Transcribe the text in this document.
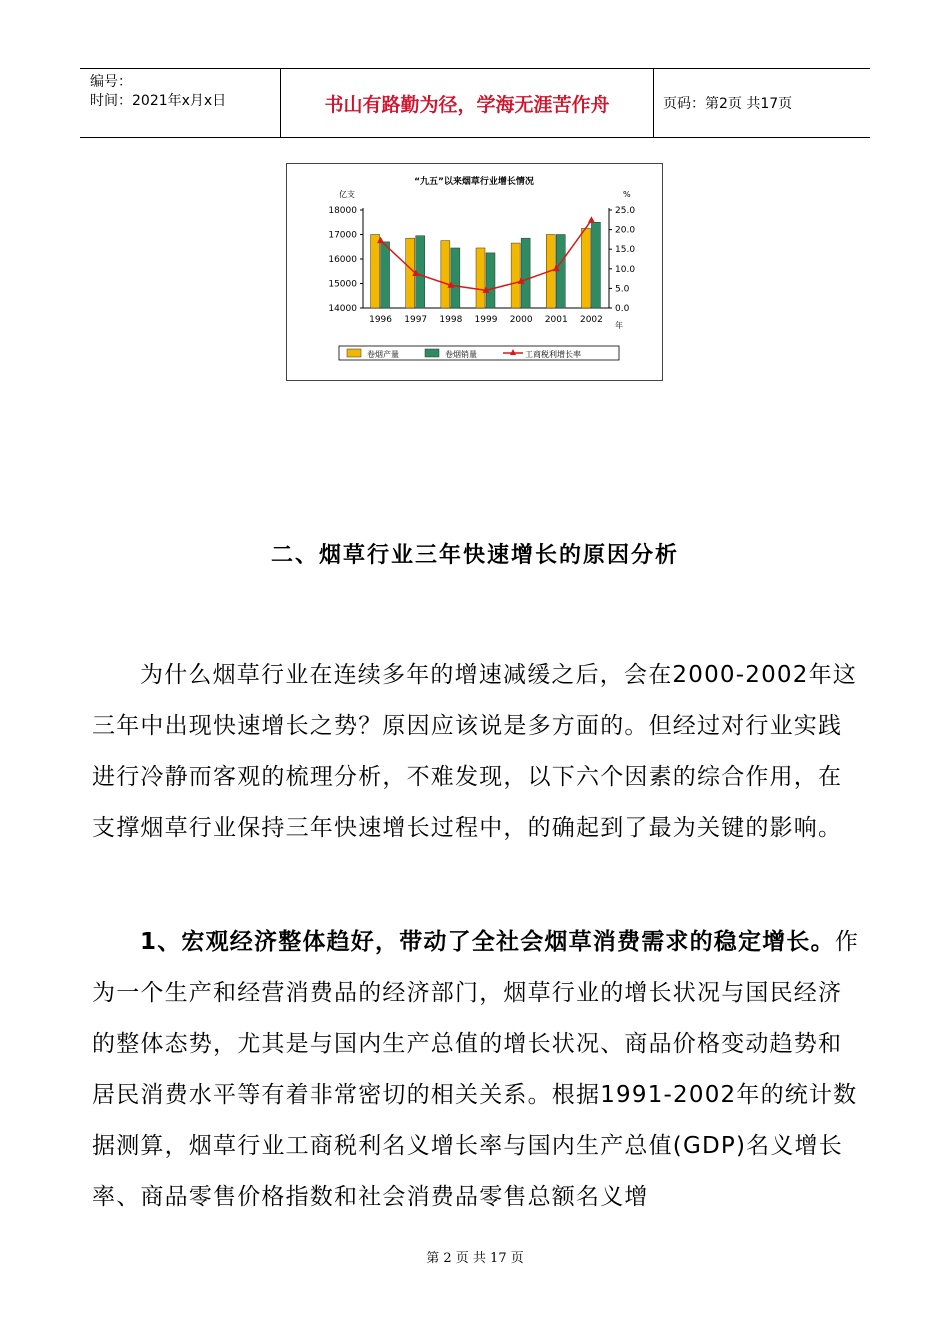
编号：
时间：2021年x月x日	书山有路勤为径，学海无涯苦作舟	页码：第2页 共17页
“九五”以来烟草行业增长情况
亿支	%
18000
17000
16000
15000
14000
25.0
20.0
15.0
10.0
5.0
0.0
1996 1997 1998 1999 2000 2001 2002
年
卷烟产量	卷烟销量	工商税利增长率
二、烟草行业三年快速增长的原因分析
为什么烟草行业在连续多年的增速减缓之后，会在2000-2002年这三年中出现快速增长之势？原因应该说是多方面的。但经过对行业实践进行冷静而客观的梳理分析，不难发现，以下六个因素的综合作用，在支撑烟草行业保持三年快速增长过程中，的确起到了最为关键的影响。
1、宏观经济整体趋好，带动了全社会烟草消费需求的稳定增长。作为一个生产和经营消费品的经济部门，烟草行业的增长状况与国民经济的整体态势，尤其是与国内生产总值的增长状况、商品价格变动趋势和居民消费水平等有着非常密切的相关关系。根据1991-2002年的统计数据测算，烟草行业工商税利名义增长率与国内生产总值(GDP)名义增长率、商品零售价格指数和社会消费品零售总额名义增
第 2 页 共 17 页
